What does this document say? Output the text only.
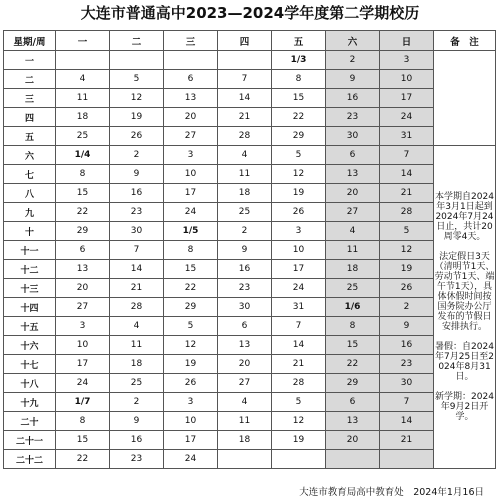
大连市普通高中2023—2024学年度第二学期校历
星期/周	一	二	三	四	五	六	日	备　注
一					1/3	2	3	
二	4	5	6	7	8	9	10	
三	11	12	13	14	15	16	17	
四	18	19	20	21	22	23	24	
五	25	26	27	28	29	30	31	
六	1/4	2	3	4	5	6	7	本学期自2024年3月1日起到2024年7月24日止，共计20周零4天。

法定假日3天（清明节1天、劳动节1天、端午节1天），具体休假时间按国务院办公厅发布的节假日安排执行。

暑假：自2024年7月25日至2024年8月31日。

新学期：2024年9月2日开学。
七	8	9	10	11	12	13	14	
八	15	16	17	18	19	20	21	
九	22	23	24	25	26	27	28	
十	29	30	1/5	2	3	4	5	
十一	6	7	8	9	10	11	12	
十二	13	14	15	16	17	18	19	
十三	20	21	22	23	24	25	26	
十四	27	28	29	30	31	1/6	2	
十五	3	4	5	6	7	8	9	
十六	10	11	12	13	14	15	16	
十七	17	18	19	20	21	22	23	
十八	24	25	26	27	28	29	30	
十九	1/7	2	3	4	5	6	7	
二十	8	9	10	11	12	13	14	
二十一	15	16	17	18	19	20	21	
二十二	22	23	24					
大连市教育局高中教育处　2024年1月16日
